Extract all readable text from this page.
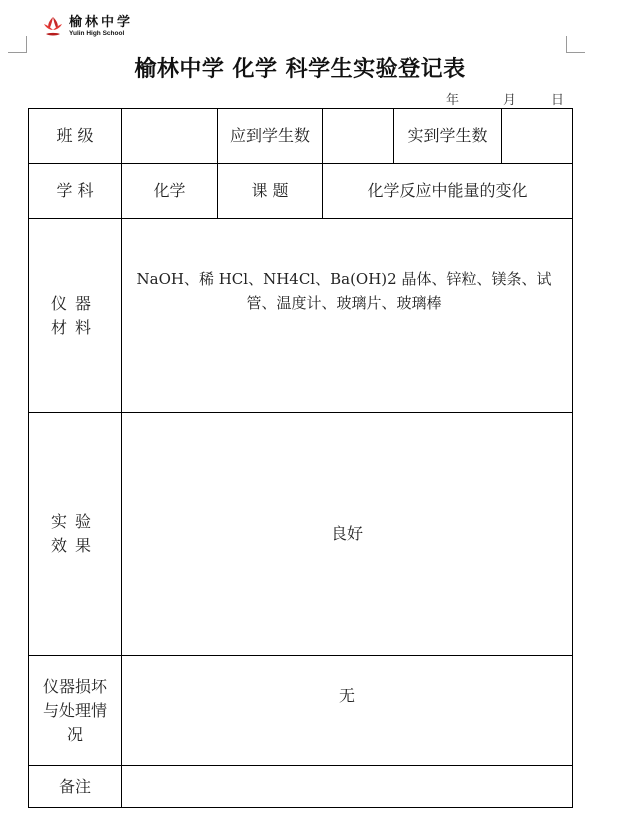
榆林中学
Yulin High School
榆林中学 化学 科学生实验登记表
年	月	日
班 级		应到学生数		实到学生数	
学 科	化学	课 题	化学反应中能量的变化		
仪器材料	NaOH、稀 HCl、NH4Cl、Ba(OH)2 晶体、锌粒、镁条、试管、温度计、玻璃片、玻璃棒				
实验效果	良好				
仪器损坏与处理情况	无				
备注					
